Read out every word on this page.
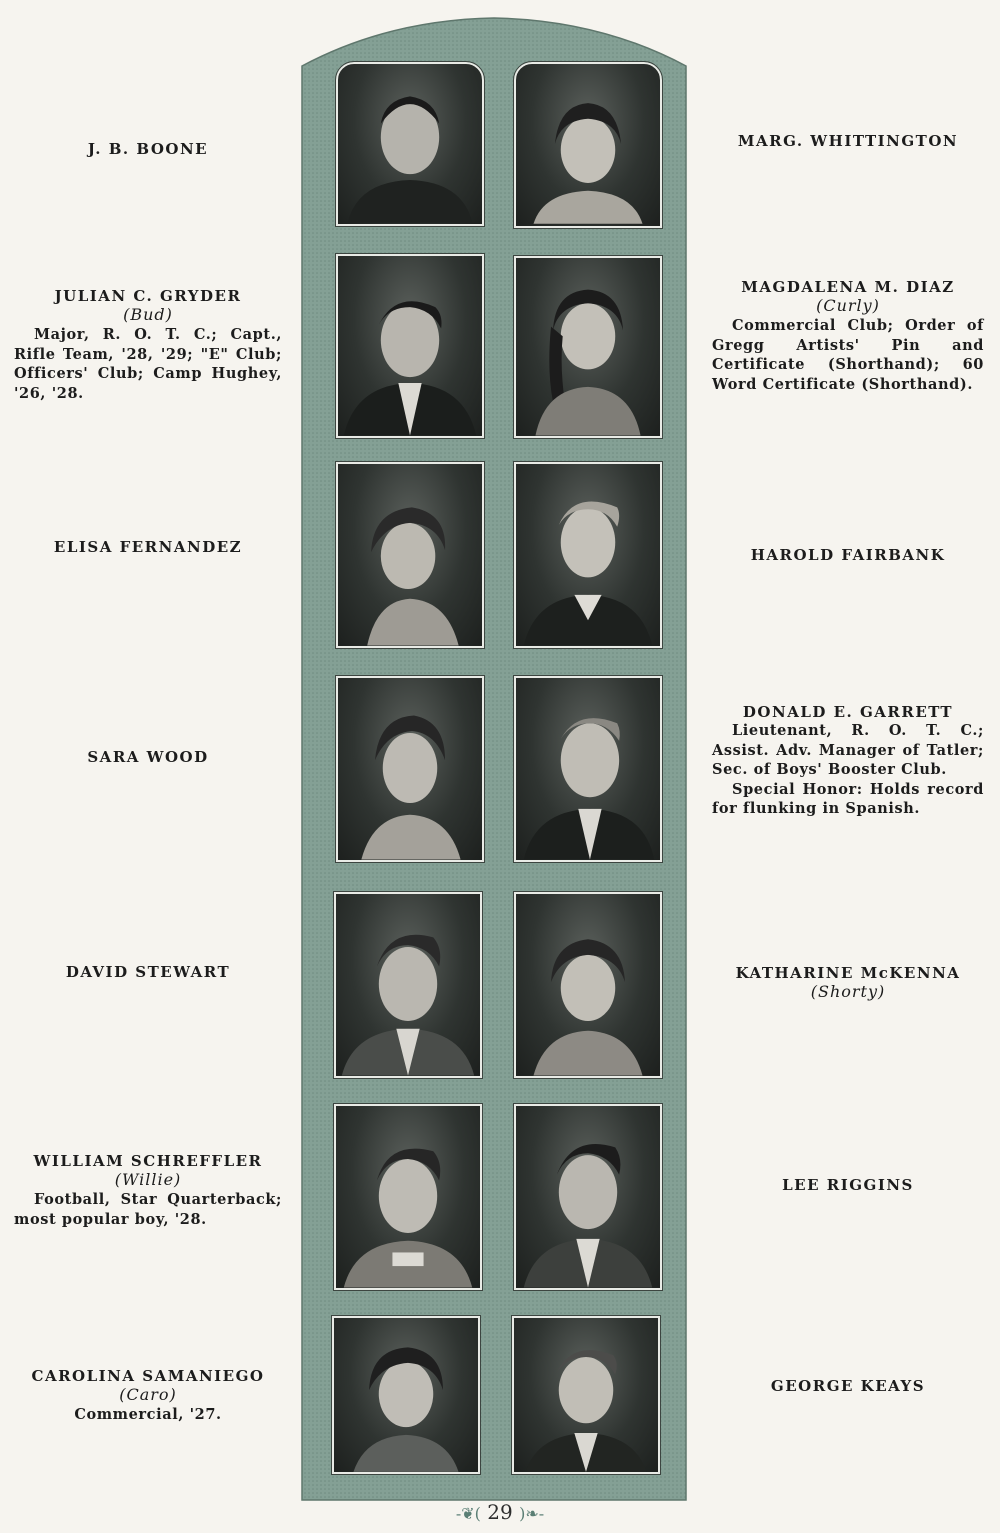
J. B. BOONE
JULIAN C. GRYDER
(Bud)
Major, R. O. T. C.; Capt., Rifle Team, '28, '29; "E" Club; Officers' Club; Camp Hughey, '26, '28.
ELISA FERNANDEZ
SARA WOOD
DAVID STEWART
WILLIAM SCHREFFLER
(Willie)
Football, Star Quarterback; most popular boy, '28.
CAROLINA SAMANIEGO
(Caro)
Commercial, '27.
MARG. WHITTINGTON
MAGDALENA M. DIAZ
(Curly)
Commercial Club; Order of Gregg Artists' Pin and Certificate (Shorthand); 60 Word Certificate (Shorthand).
HAROLD FAIRBANK
DONALD E. GARRETT
Lieutenant, R. O. T. C.; Assist. Adv. Manager of Tatler; Sec. of Boys' Booster Club.
Special Honor: Holds record for flunking in Spanish.
KATHARINE McKENNA
(Shorty)
LEE RIGGINS
GEORGE KEAYS
-❦( 29 )❧-
